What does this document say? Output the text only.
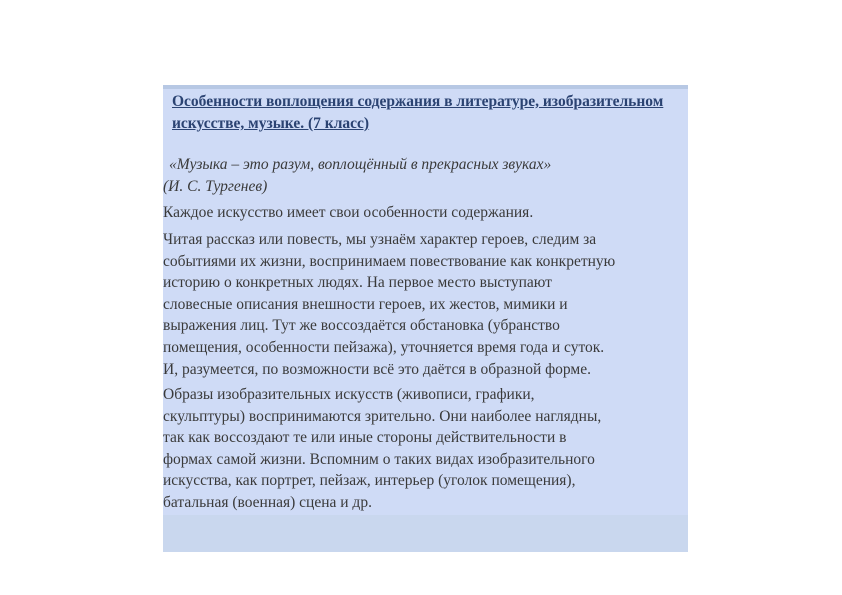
Особенности воплощения содержания в литературе, изобразительном искусстве, музыке. (7 класс)

«Музыка – это разум, воплощённый в прекрасных звуках»
(И. С. Тургенев)

Каждое искусство имеет свои особенности содержания.

Читая рассказ или повесть, мы узнаём характер героев, следим за
событиями их жизни, воспринимаем повествование как конкретную
историю о конкретных людях. На первое место выступают
словесные описания внешности героев, их жестов, мимики и
выражения лиц. Тут же воссоздаётся обстановка (убранство
помещения, особенности пейзажа), уточняется время года и суток.
И, разумеется, по возможности всё это даётся в образной форме.

Образы изобразительных искусств (живописи, графики,
скульптуры) воспринимаются зрительно. Они наиболее наглядны,
так как воссоздают те или иные стороны действительности в
формах самой жизни. Вспомним о таких видах изобразительного
искусства, как портрет, пейзаж, интерьер (уголок помещения),
батальная (военная) сцена и др.
